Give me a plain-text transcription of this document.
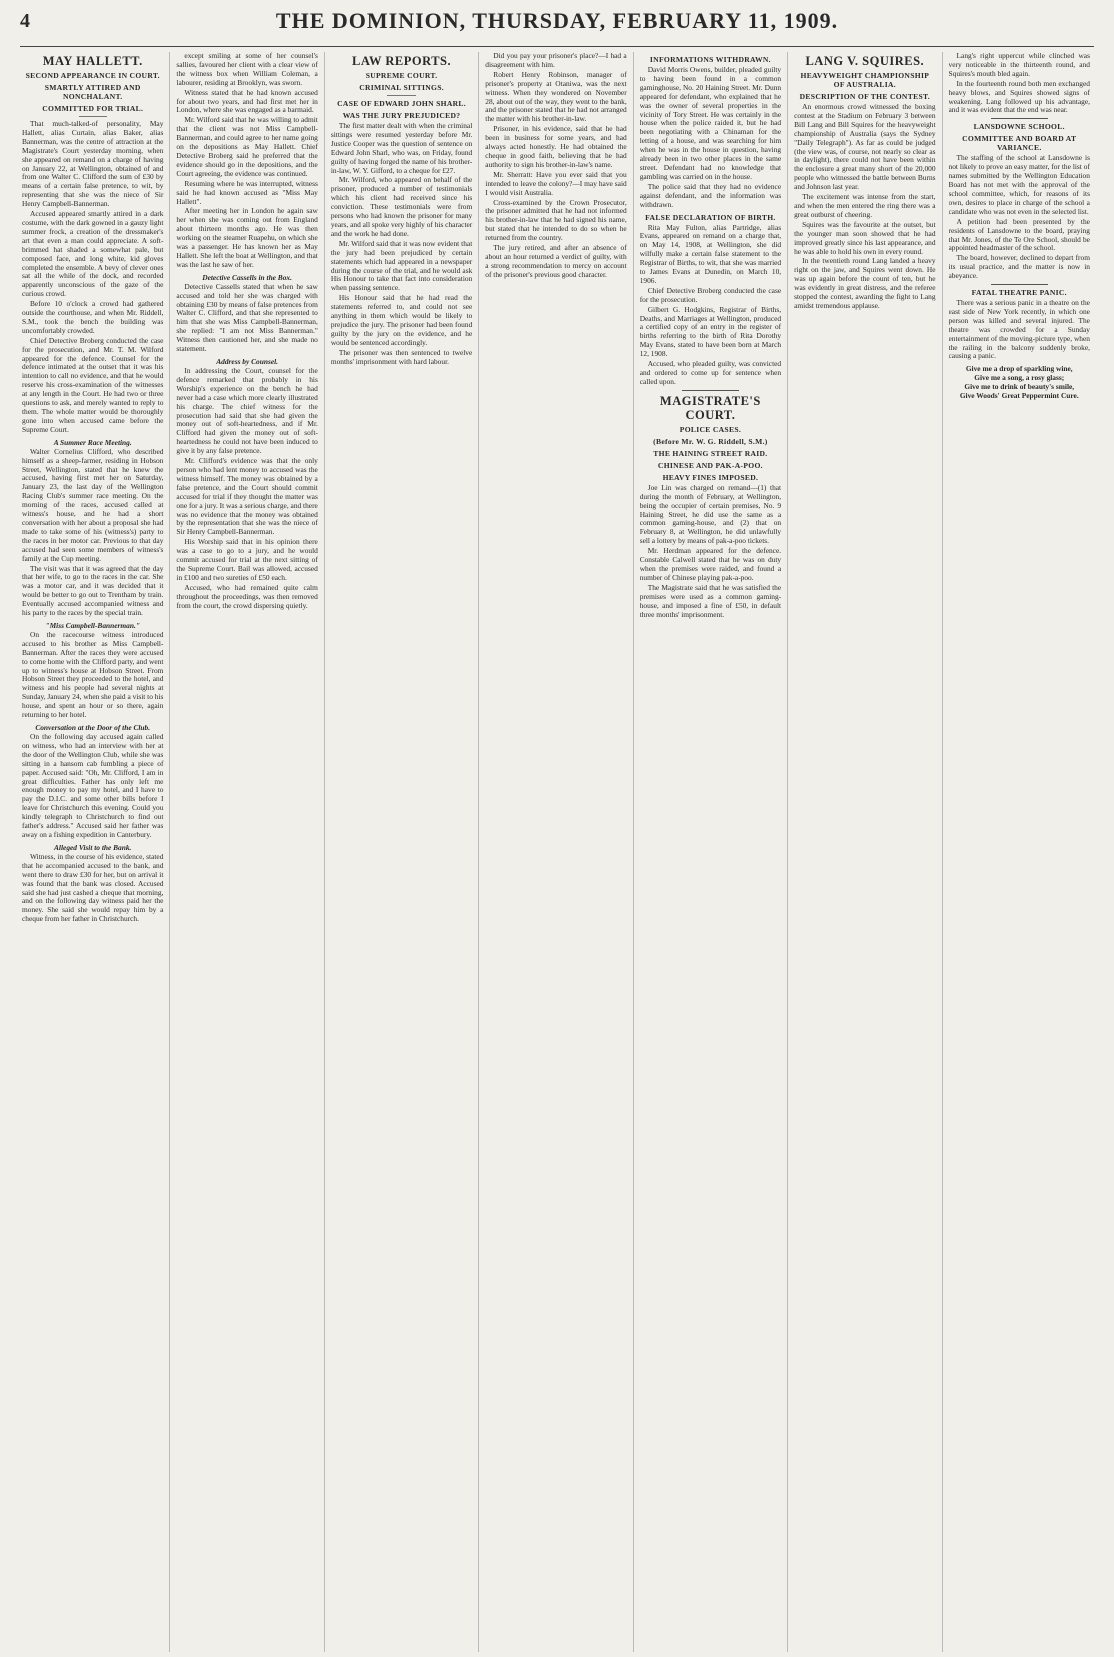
4	THE DOMINION, THURSDAY, FEBRUARY 11, 1909.
MAY HALLETT.
SECOND APPEARANCE IN COURT.
SMARTLY ATTIRED AND NONCHALANT.
COMMITTED FOR TRIAL.

That much-talked-of personality, May Hallett, alias Curtain, alias Baker, alias Bannerman, was the centre of attraction at the Magistrate's Court yesterday morning, when she appeared on remand on a charge of having on January 22, at Wellington, obtained of and from one Walter C. Clifford the sum of £30 by means of a certain false pretence, to wit, by representing that she was the niece of Sir Henry Campbell-Bannerman.

Accused appeared smartly attired in a dark costume, with the dark gowned in a gauzy light summer frock, a creation of the dressmaker's art that even a man could appreciate. A soft-brimmed hat shaded a somewhat pale, but composed face, and long white, kid gloves completed the ensemble. A bevy of clever ones sat all the while of the dock, and recorded apparently unconscious of the gaze of the curious crowd.

Before 10 o'clock a crowd had gathered outside the courthouse, and when Mr. Riddell, S.M., took the bench the building was uncomfortably crowded.

Chief Detective Broberg conducted the case for the prosecution, and Mr. T. M. Wilford appeared for the defence. Counsel for the defence intimated at the outset that it was his intention to call no evidence, and that he would reserve his cross-examination of the witnesses at any length in the Court. He had two or three questions to ask, and merely wanted to reply to them. The whole matter would be thoroughly gone into when accused came before the Supreme Court.

A Summer Race Meeting.

Walter Cornelius Clifford, who described himself as a sheep-farmer, residing in Hobson Street, Wellington, stated that he knew the accused, having first met her on Saturday, January 23, the last day of the Wellington Racing Club's summer race meeting. On the morning of the races, accused called at witness's house, and he had a short conversation with her about a proposal she had made to take some of his (witness's) party to the races in her motor car. Previous to that day accused had seen some members of witness's family at the Cup meeting.

The visit was that it was agreed that the day that her wife, to go to the races in the car. She was a motor car, and it was decided that it would be better to go out to Trentham by train. Eventually accused accompanied witness and his party to the races by the special train.

"Miss Campbell-Bannerman."

On the racecourse witness introduced accused to his brother as Miss Campbell-Bannerman. After the races they were accused to come home with the Clifford party, and went up to witness's house at Hobson Street. From Hobson Street they proceeded to the hotel, and witness and his people had several nights at Sunday, January 24, when she paid a visit to his house, and spent an hour or so there, again returning to her hotel.

Conversation at the Door of the Club.

On the following day accused again called on witness, who had an interview with her at the door of the Wellington Club, while she was sitting in a hansom cab fumbling a piece of paper. Accused said: "Oh, Mr. Clifford, I am in great difficulties. Father has only left me enough money to pay my hotel, and I have to pay the D.I.C. and some other bills before I leave for Christchurch this evening. Could you kindly telegraph to Christchurch to find out father's address." Accused said her father was away on a fishing expedition in Canterbury.

Alleged Visit to the Bank.

Witness, in the course of his evidence, stated that he accompanied accused to the bank, and went there to draw £30 for her, but on arrival it was found that the bank was closed. Accused said she had just cashed a cheque that morning, and on the following day witness paid her the money. She said she would repay him by a cheque from her father in Christchurch.

except smiling at some of her counsel's sallies, favoured her client with a clear view of the witness box when William Coleman, a labourer, residing at Brooklyn, was sworn.

Witness stated that he had known accused for about two years, and had first met her in London, where she was engaged as a barmaid.

Mr. Wilford said that he was willing to admit that the client was not Miss Campbell-Bannerman, and could agree to her name going on the depositions as May Hallett. Chief Detective Broberg said he preferred that the evidence should go in the depositions, and the Court agreeing, the evidence was continued.

Resuming where he was interrupted, witness said he had known accused as "Miss May Hallett".

After meeting her in London he again saw her when she was coming out from England about thirteen months ago. He was then working on the steamer Ruapehu, on which she was a passenger. He has known her as May Hallett. She left the boat at Wellington, and that was the last he saw of her.

Detective Cassells in the Box.

Detective Cassells stated that when he saw accused and told her she was charged with obtaining £30 by means of false pretences from Walter C. Clifford, and that she represented to him that she was Miss Campbell-Bannerman, she replied: "I am not Miss Bannerman." Witness then cautioned her, and she made no statement.

Address by Counsel.

In addressing the Court, counsel for the defence remarked that probably in his Worship's experience on the bench he had never had a case which more clearly illustrated his charge. The chief witness for the prosecution had said that she had given the money out of soft-heartedness, and if Mr. Clifford had given the money out of soft-heartedness he could not have been induced to give it by any false pretence.

Mr. Clifford's evidence was that the only person who had lent money to accused was the witness himself. The money was obtained by a false pretence, and the Court should commit accused for trial if they thought the matter was one for a jury. It was a serious charge, and there was no evidence that the money was obtained by the representation that she was the niece of Sir Henry Campbell-Bannerman.

His Worship said that in his opinion there was a case to go to a jury, and he would commit accused for trial at the next sitting of the Supreme Court. Bail was allowed, accused in £100 and two sureties of £50 each.

Accused, who had remained quite calm throughout the proceedings, was then removed from the court, the crowd dispersing quietly.

LAW REPORTS.
SUPREME COURT.
CRIMINAL SITTINGS.
CASE OF EDWARD JOHN SHARL.
WAS THE JURY PREJUDICED?

The first matter dealt with when the criminal sittings were resumed yesterday before Mr. Justice Cooper was the question of sentence on Edward John Sharl, who was, on Friday, found guilty of having forged the name of his brother-in-law, W. Y. Gifford, to a cheque for £27.

Mr. Wilford, who appeared on behalf of the prisoner, produced a number of testimonials which his client had received since his conviction. These testimonials were from persons who had known the prisoner for many years, and all spoke very highly of his character and the work he had done.

Mr. Wilford said that it was now evident that the jury had been prejudiced by certain statements which had appeared in a newspaper during the course of the trial, and he would ask His Honour to take that fact into consideration when passing sentence.

His Honour said that he had read the statements referred to, and could not see anything in them which would be likely to prejudice the jury. The prisoner had been found guilty by the jury on the evidence, and he would be sentenced accordingly.

The prisoner was then sentenced to twelve months' imprisonment with hard labour.

Did you pay your prisoner's place?—I had a disagreement with him.

Robert Henry Robinson, manager of prisoner's property at Otaniwa, was the next witness. When they wondered on November 28, about out of the way, they went to the bank, and the prisoner stated that he had not arranged the matter with his brother-in-law.

Prisoner, in his evidence, said that he had been in business for some years, and had always acted honestly. He had obtained the cheque in good faith, believing that he had authority to sign his brother-in-law's name.

Mr. Sherratt: Have you ever said that you intended to leave the colony?—I may have said I would visit Australia.

Cross-examined by the Crown Prosecutor, the prisoner admitted that he had not informed his brother-in-law that he had signed his name, but stated that he intended to do so when he returned from the country.

The jury retired, and after an absence of about an hour returned a verdict of guilty, with a strong recommendation to mercy on account of the prisoner's previous good character.

INFORMATIONS WITHDRAWN.

David Morris Owens, builder, pleaded guilty to having been found in a common gaminghouse, No. 20 Haining Street. Mr. Dunn appeared for defendant, who explained that he was the owner of several properties in the vicinity of Tory Street. He was certainly in the house when the police raided it, but he had been negotiating with a Chinaman for the letting of a house, and was searching for him when he was in the house in question, having already been in two other places in the same street. Defendant had no knowledge that gambling was carried on in the house.

The police said that they had no evidence against defendant, and the information was withdrawn.

FALSE DECLARATION OF BIRTH.

Rita May Fulton, alias Partridge, alias Evans, appeared on remand on a charge that, on May 14, 1908, at Wellington, she did wilfully make a certain false statement to the Registrar of Births, to wit, that she was married to James Evans at Dunedin, on March 10, 1906.

Chief Detective Broberg conducted the case for the prosecution.

Gilbert G. Hodgkins, Registrar of Births, Deaths, and Marriages at Wellington, produced a certified copy of an entry in the register of births referring to the birth of Rita Dorothy May Evans, stated to have been born at March 12, 1908.

Accused, who pleaded guilty, was convicted and ordered to come up for sentence when called upon.

MAGISTRATE'S COURT.
POLICE CASES.
(Before Mr. W. G. Riddell, S.M.)
THE HAINING STREET RAID.
CHINESE AND PAK-A-POO.
HEAVY FINES IMPOSED.

Joe Lin was charged on remand—(1) that during the month of February, at Wellington, being the occupier of certain premises, No. 9 Haining Street, he did use the same as a common gaming-house, and (2) that on February 8, at Wellington, he did unlawfully sell a lottery by means of pak-a-poo tickets.

Mr. Herdman appeared for the defence. Constable Calwell stated that he was on duty when the premises were raided, and found a number of Chinese playing pak-a-poo.

The Magistrate said that he was satisfied the premises were used as a common gaming-house, and imposed a fine of £50, in default three months' imprisonment.

LANG V. SQUIRES.
HEAVYWEIGHT CHAMPIONSHIP OF AUSTRALIA.
DESCRIPTION OF THE CONTEST.

An enormous crowd witnessed the boxing contest at the Stadium on February 3 between Bill Lang and Bill Squires for the heavyweight championship of Australia (says the Sydney "Daily Telegraph"). As far as could be judged (the view was, of course, not nearly so clear as in daylight), there could not have been within the enclosure a great many short of the 20,000 people who witnessed the battle between Burns and Johnson last year.

The excitement was intense from the start, and when the men entered the ring there was a great outburst of cheering.

Squires was the favourite at the outset, but the younger man soon showed that he had improved greatly since his last appearance, and he was able to hold his own in every round.

In the twentieth round Lang landed a heavy right on the jaw, and Squires went down. He was up again before the count of ten, but he was evidently in great distress, and the referee stopped the contest, awarding the fight to Lang amidst tremendous applause.

Lang's right uppercut while clinched was very noticeable in the thirteenth round, and Squires's mouth bled again.

In the fourteenth round both men exchanged heavy blows, and Squires showed signs of weakening. Lang followed up his advantage, and it was evident that the end was near.

LANSDOWNE SCHOOL.
COMMITTEE AND BOARD AT VARIANCE.

The staffing of the school at Lansdowne is not likely to prove an easy matter, for the list of names submitted by the Wellington Education Board has not met with the approval of the school committee, which, for reasons of its own, desires to place in charge of the school a candidate who was not even in the selected list.

A petition had been presented by the residents of Lansdowne to the board, praying that Mr. Jones, of the Te Ore School, should be appointed headmaster of the school.

The board, however, declined to depart from its usual practice, and the matter is now in abeyance.

FATAL THEATRE PANIC.

There was a serious panic in a theatre on the east side of New York recently, in which one person was killed and several injured. The theatre was crowded for a Sunday entertainment of the moving-picture type, when the railing in the balcony suddenly broke, causing a panic.

Give me a drop of sparkling wine,
Give me a song, a rosy glass;
Give me to drink of beauty's smile,
Give Woods' Great Peppermint Cure.
